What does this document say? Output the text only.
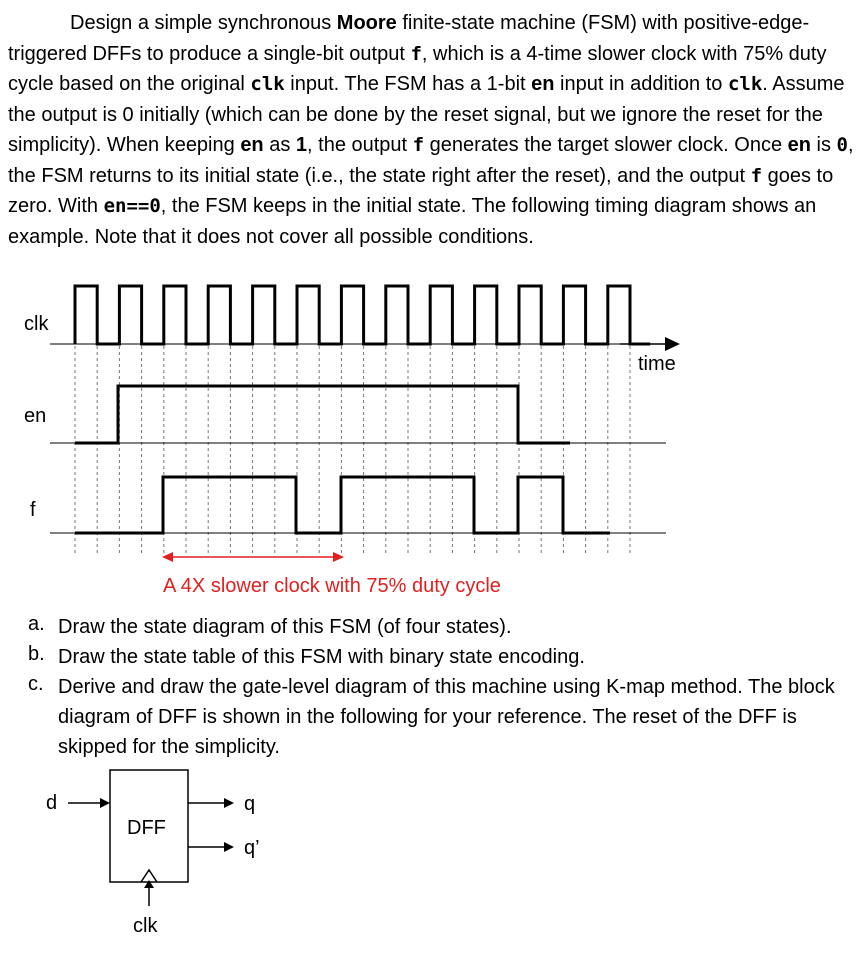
Design a simple synchronous Moore finite-state machine (FSM) with positive-edge-triggered DFFs to produce a single-bit output f, which is a 4-time slower clock with 75% duty cycle based on the original clk input. The FSM has a 1-bit en input in addition to clk. Assume the output is 0 initially (which can be done by the reset signal, but we ignore the reset for the simplicity). When keeping en as 1, the output f generates the target slower clock. Once en is 0, the FSM returns to its initial state (i.e., the state right after the reset), and the output f goes to zero. With en==0, the FSM keeps in the initial state. The following timing diagram shows an example. Note that it does not cover all possible conditions.
clk
en
f
time
A 4X slower clock with 75% duty cycle
a. Draw the state diagram of this FSM (of four states).
b. Draw the state table of this FSM with binary state encoding.
c. Derive and draw the gate-level diagram of this machine using K-map method. The block diagram of DFF is shown in the following for your reference. The reset of the DFF is skipped for the simplicity.
DFF
d	q
q’
clk
